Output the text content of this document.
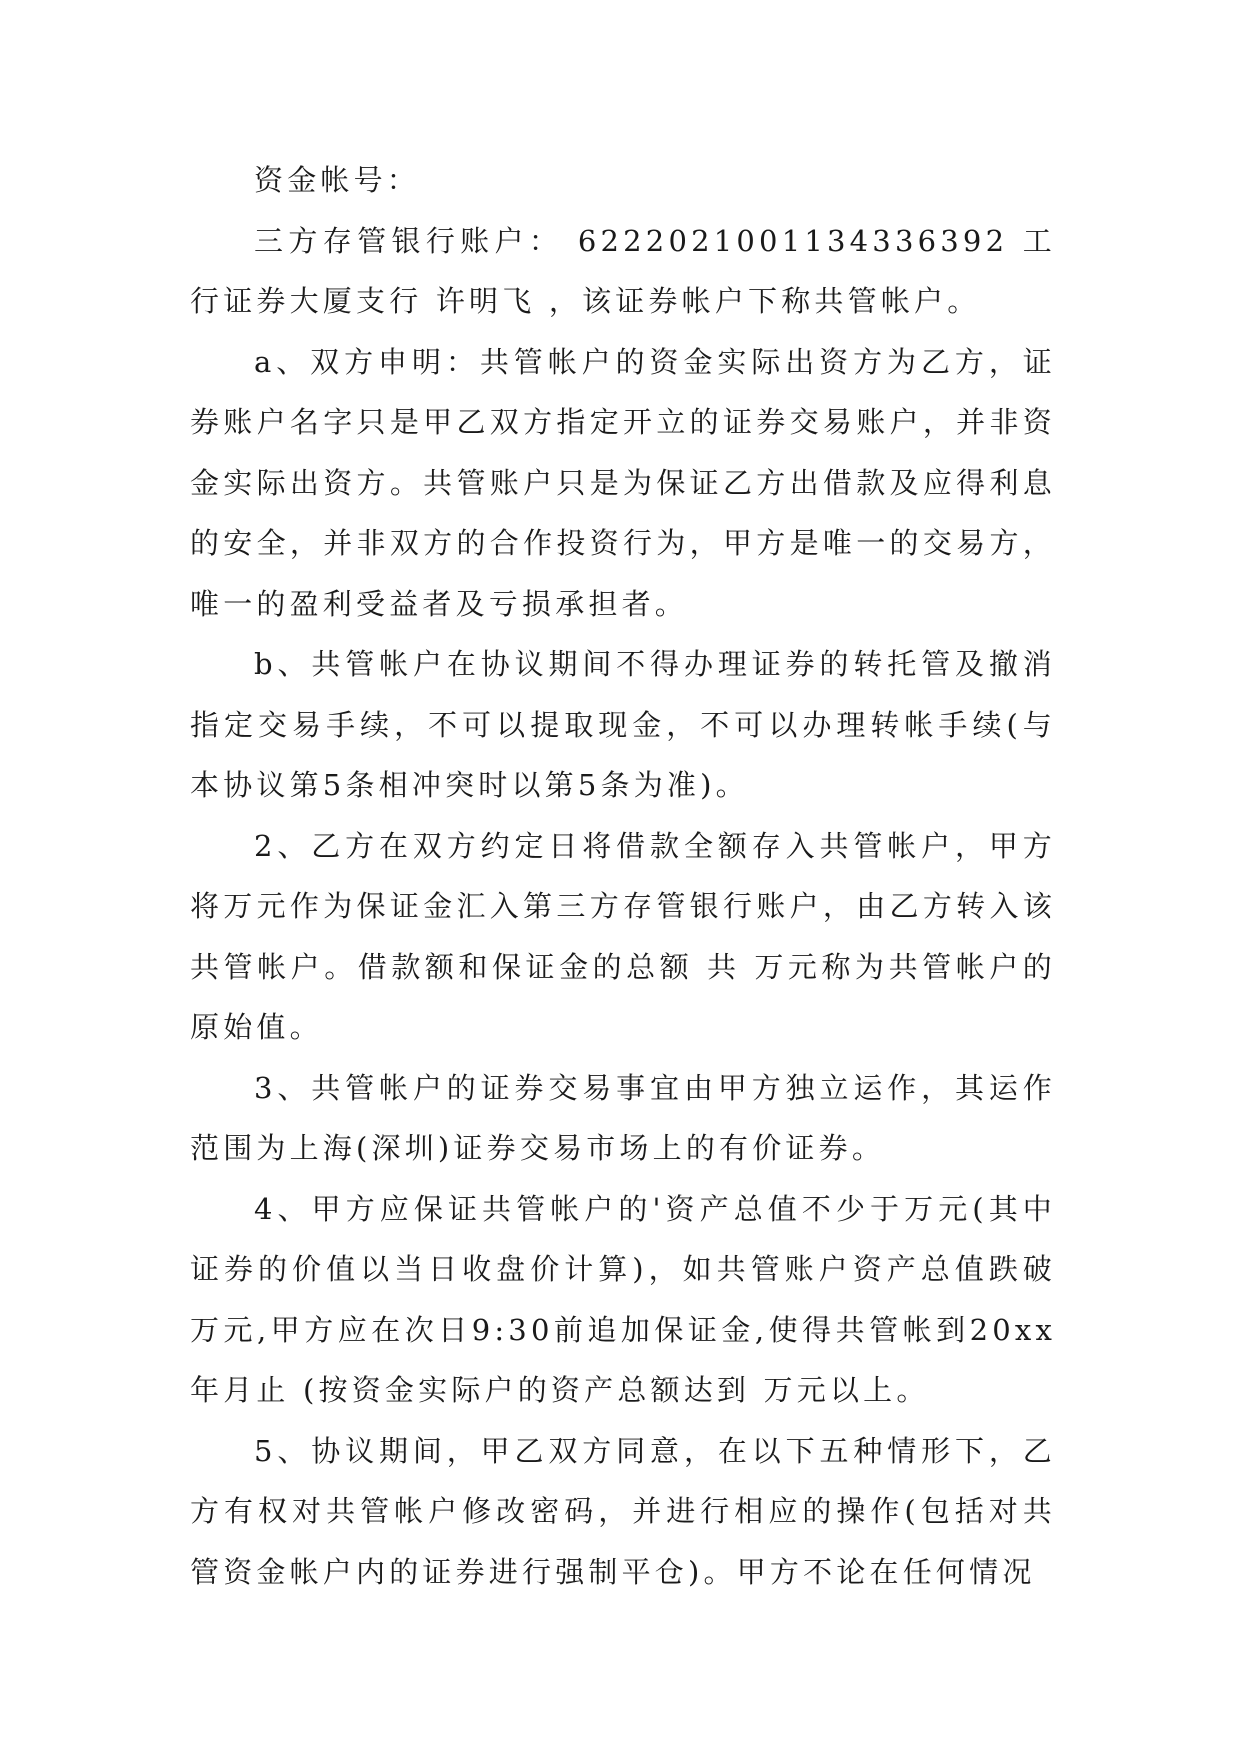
资金帐号：

三方存管银行账户： 6222021001134336392 工行证券大厦支行 许明飞 ，该证券帐户下称共管帐户。

a、双方申明：共管帐户的资金实际出资方为乙方，证券账户名字只是甲乙双方指定开立的证券交易账户，并非资金实际出资方。共管账户只是为保证乙方出借款及应得利息的安全，并非双方的合作投资行为，甲方是唯一的交易方，唯一的盈利受益者及亏损承担者。

b、共管帐户在协议期间不得办理证券的转托管及撤消指定交易手续，不可以提取现金，不可以办理转帐手续(与本协议第5条相冲突时以第5条为准)。

2、乙方在双方约定日将借款全额存入共管帐户，甲方将万元作为保证金汇入第三方存管银行账户，由乙方转入该共管帐户。借款额和保证金的总额 共 万元称为共管帐户的原始值。

3、共管帐户的证券交易事宜由甲方独立运作，其运作范围为上海(深圳)证券交易市场上的有价证券。

4、甲方应保证共管帐户的'资产总值不少于万元(其中证券的价值以当日收盘价计算)，如共管账户资产总值跌破万元,甲方应在次日9:30前追加保证金,使得共管帐到20xx年月止 (按资金实际户的资产总额达到 万元以上。

5、协议期间，甲乙双方同意，在以下五种情形下，乙方有权对共管帐户修改密码，并进行相应的操作(包括对共管资金帐户内的证券进行强制平仓)。甲方不论在任何情况
